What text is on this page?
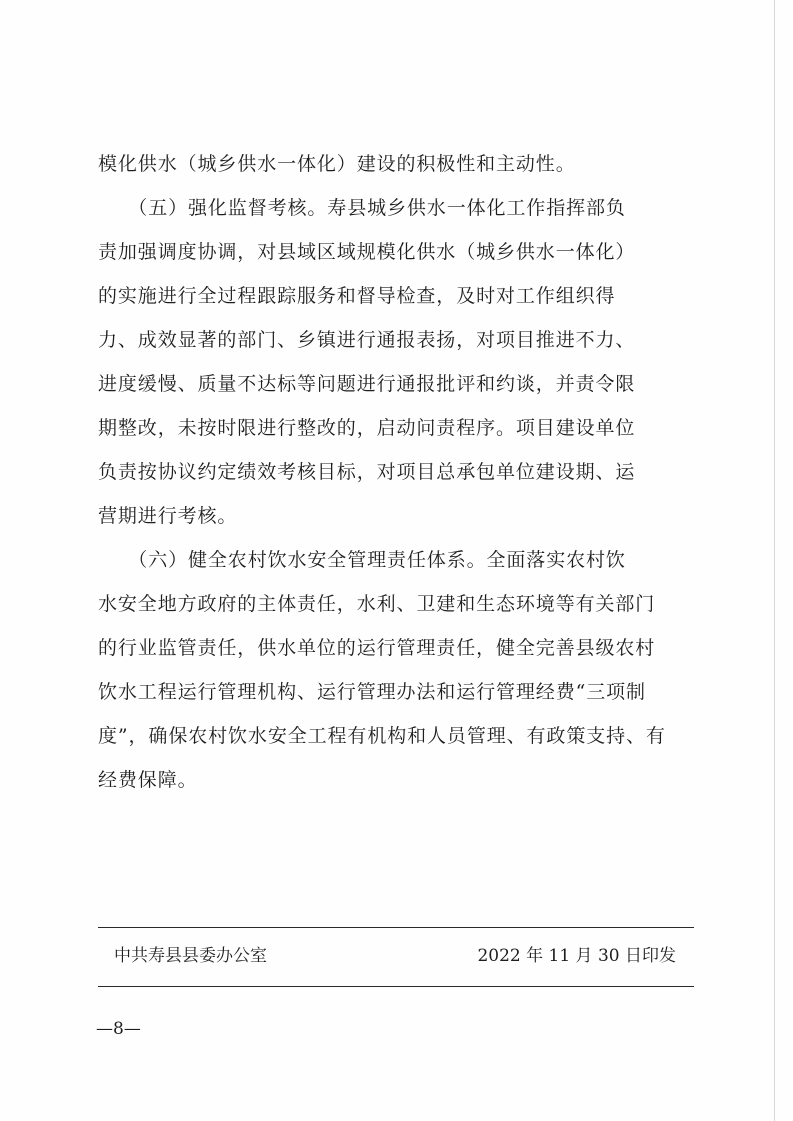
模化供水（城乡供水一体化）建设的积极性和主动性。
　　（五）强化监督考核。寿县城乡供水一体化工作指挥部负
责加强调度协调，对县域区域规模化供水（城乡供水一体化）
的实施进行全过程跟踪服务和督导检查，及时对工作组织得
力、成效显著的部门、乡镇进行通报表扬，对项目推进不力、
进度缓慢、质量不达标等问题进行通报批评和约谈，并责令限
期整改，未按时限进行整改的，启动问责程序。项目建设单位
负责按协议约定绩效考核目标，对项目总承包单位建设期、运
营期进行考核。
　　（六）健全农村饮水安全管理责任体系。全面落实农村饮
水安全地方政府的主体责任，水利、卫建和生态环境等有关部门
的行业监管责任，供水单位的运行管理责任，健全完善县级农村
饮水工程运行管理机构、运行管理办法和运行管理经费“三项制
度”，确保农村饮水安全工程有机构和人员管理、有政策支持、有
经费保障。
中共寿县县委办公室	2022 年 11 月 30 日印发
—8—
